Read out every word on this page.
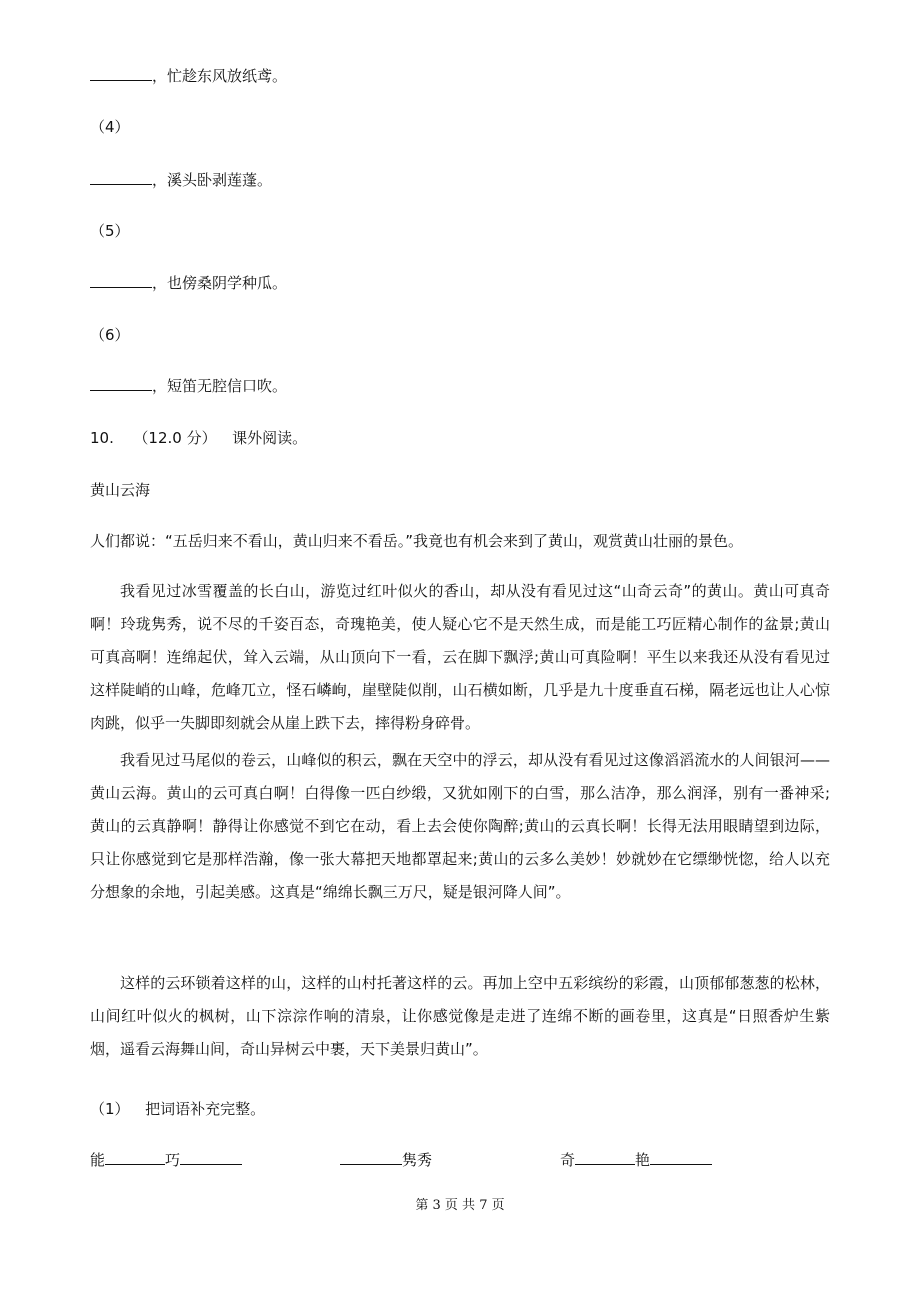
，忙趁东风放纸鸢。
（4）
，溪头卧剥莲蓬。
（5）
，也傍桑阴学种瓜。
（6）
，短笛无腔信口吹。
10. （12.0 分） 课外阅读。
黄山云海
人们都说：“五岳归来不看山，黄山归来不看岳。”我竟也有机会来到了黄山，观赏黄山壮丽的景色。
我看见过冰雪覆盖的长白山，游览过红叶似火的香山，却从没有看见过这“山奇云奇”的黄山。黄山可真奇啊！玲珑隽秀，说不尽的千姿百态，奇瑰艳美，使人疑心它不是天然生成，而是能工巧匠精心制作的盆景;黄山可真高啊！连绵起伏，耸入云端，从山顶向下一看，云在脚下飘浮;黄山可真险啊！平生以来我还从没有看见过这样陡峭的山峰，危峰兀立，怪石嶙峋，崖壁陡似削，山石横如断，几乎是九十度垂直石梯，隔老远也让人心惊肉跳，似乎一失脚即刻就会从崖上跌下去，摔得粉身碎骨。
我看见过马尾似的卷云，山峰似的积云，飘在天空中的浮云，却从没有看见过这像滔滔流水的人间银河——黄山云海。黄山的云可真白啊！白得像一匹白纱缎，又犹如刚下的白雪，那么洁净，那么润泽，别有一番神采;黄山的云真静啊！静得让你感觉不到它在动，看上去会使你陶醉;黄山的云真长啊！长得无法用眼睛望到边际，只让你感觉到它是那样浩瀚，像一张大幕把天地都罩起来;黄山的云多么美妙！妙就妙在它缥缈恍惚，给人以充分想象的余地，引起美感。这真是“绵绵长飘三万尺，疑是银河降人间”。
这样的云环锁着这样的山，这样的山村托著这样的云。再加上空中五彩缤纷的彩霞，山顶郁郁葱葱的松林，山间红叶似火的枫树，山下淙淙作响的清泉，让你感觉像是走进了连绵不断的画卷里，这真是“日照香炉生紫烟，遥看云海舞山间，奇山异树云中裹，天下美景归黄山”。
（1） 把词语补充完整。
能	巧	隽秀	奇	艳
第 3 页 共 7 页
